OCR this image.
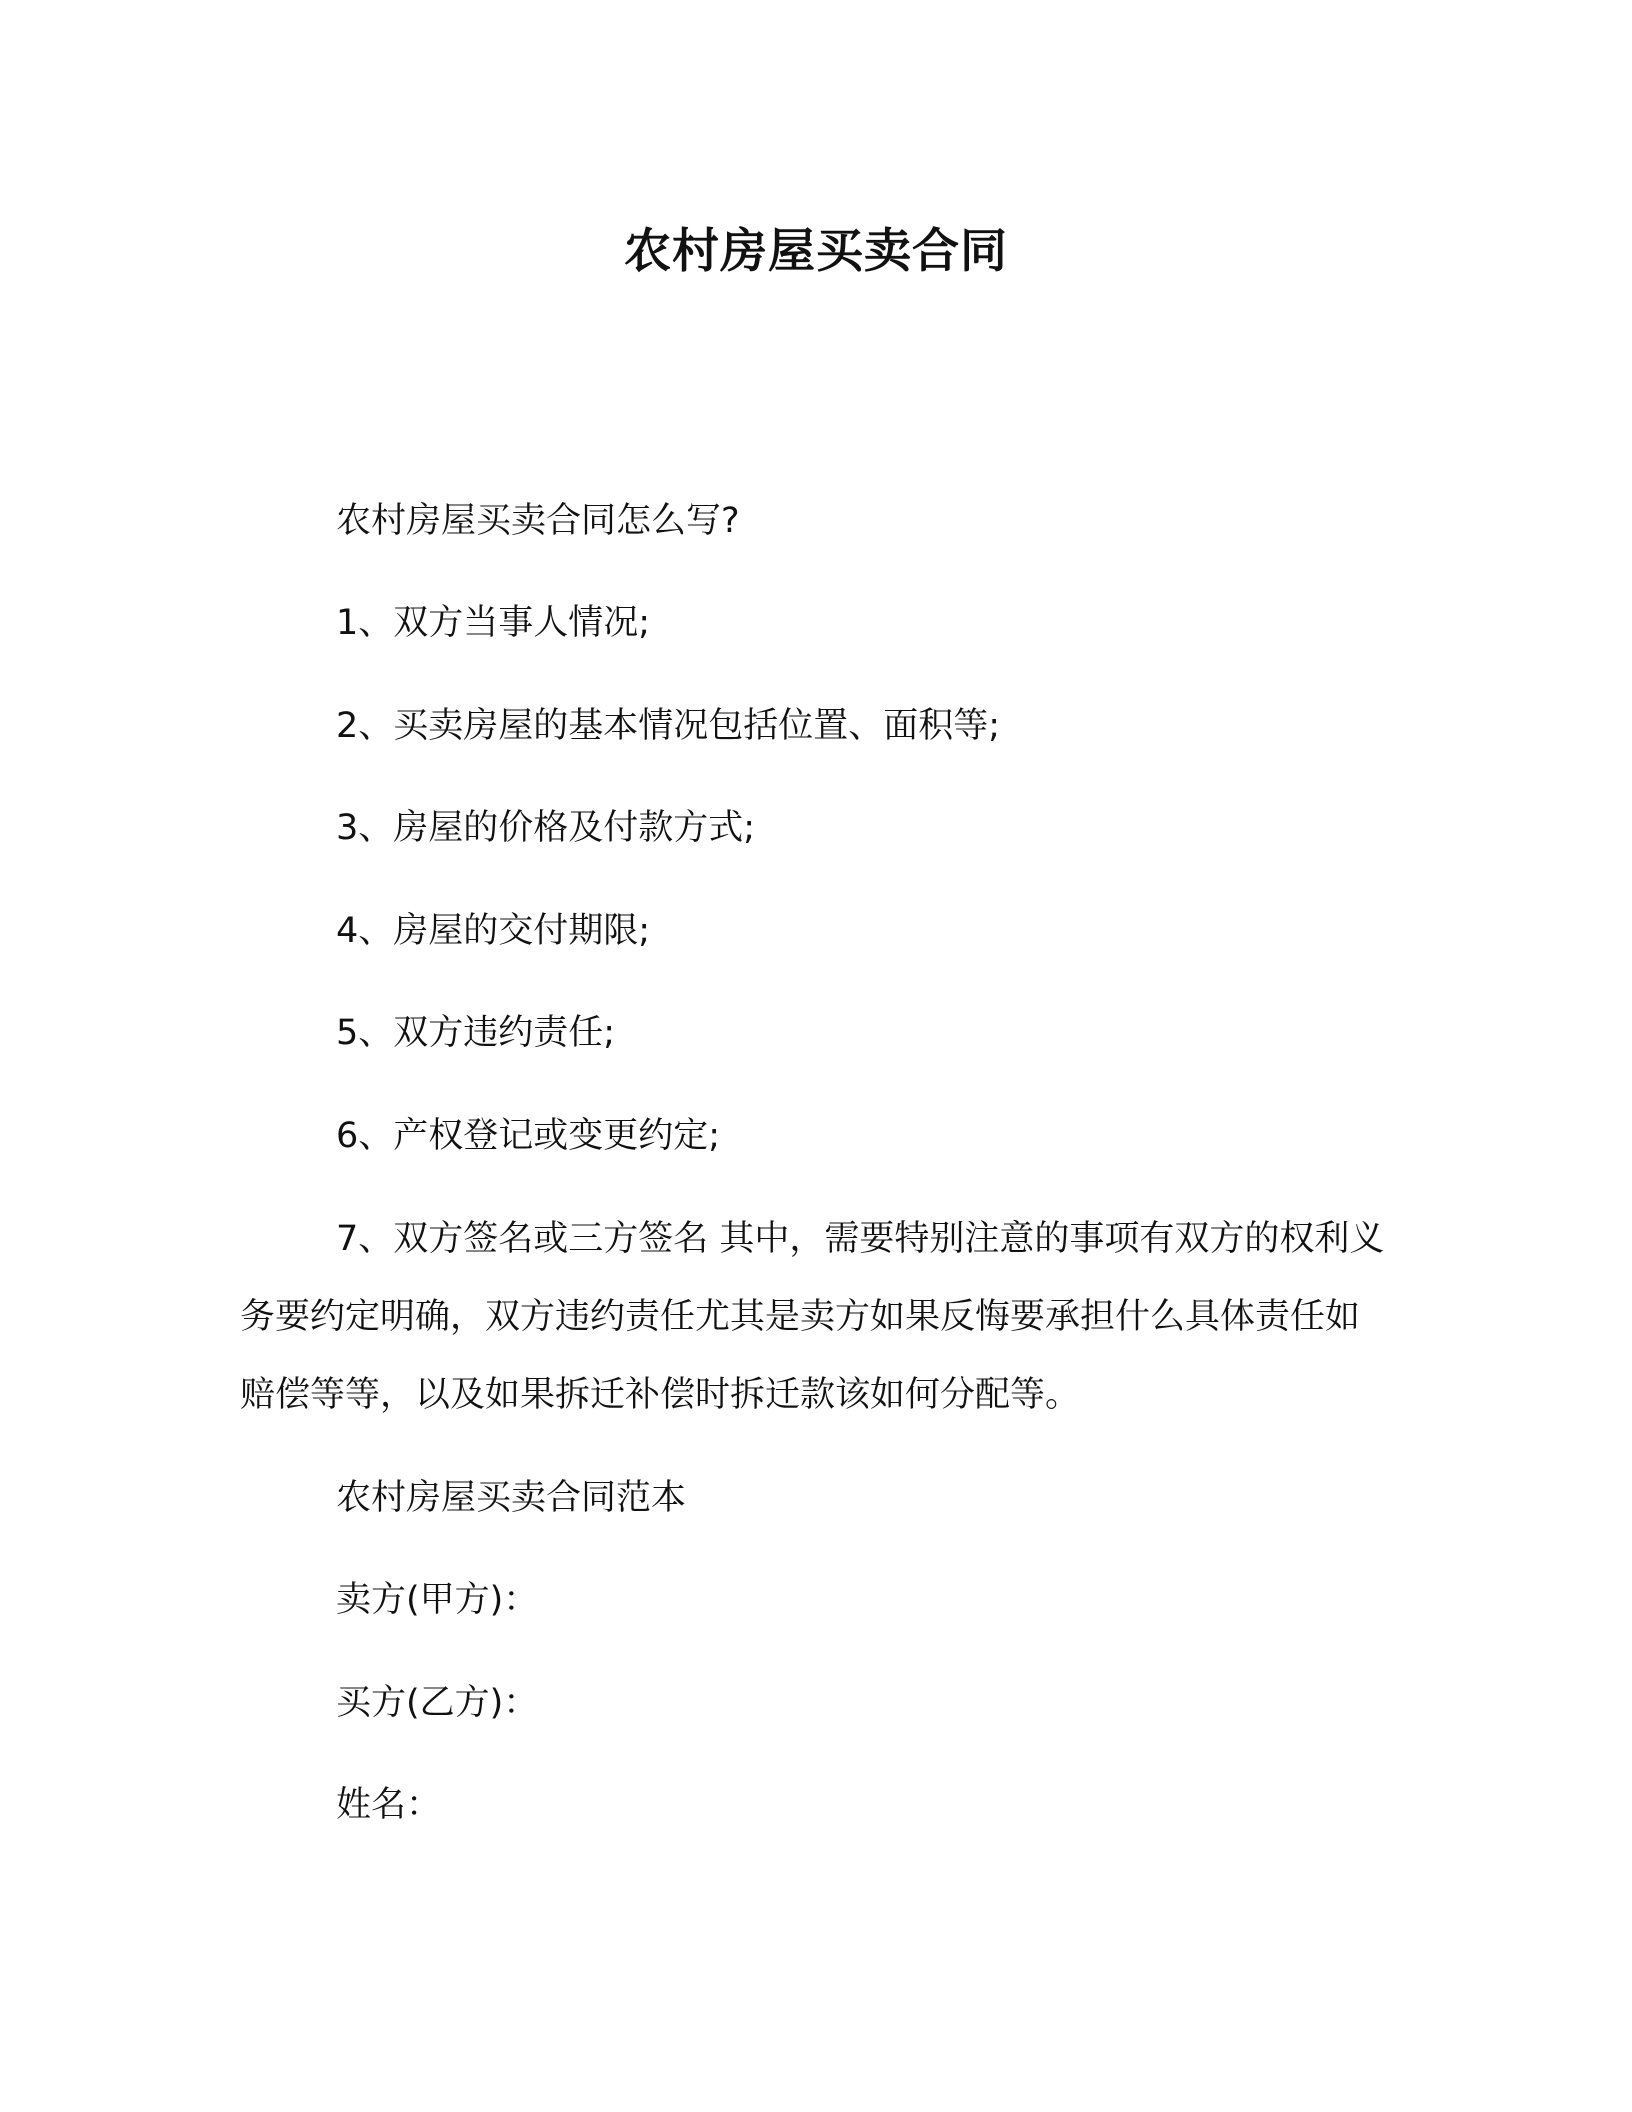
农村房屋买卖合同
农村房屋买卖合同怎么写?
1、双方当事人情况;
2、买卖房屋的基本情况包括位置、面积等;
3、房屋的价格及付款方式;
4、房屋的交付期限;
5、双方违约责任;
6、产权登记或变更约定;

7、双方签名或三方签名 其中，需要特别注意的事项有双方的权利义务要约定明确，双方违约责任尤其是卖方如果反悔要承担什么具体责任如赔偿等等，以及如果拆迁补偿时拆迁款该如何分配等。

农村房屋买卖合同范本
卖方(甲方)：
买方(乙方)：
姓名：
